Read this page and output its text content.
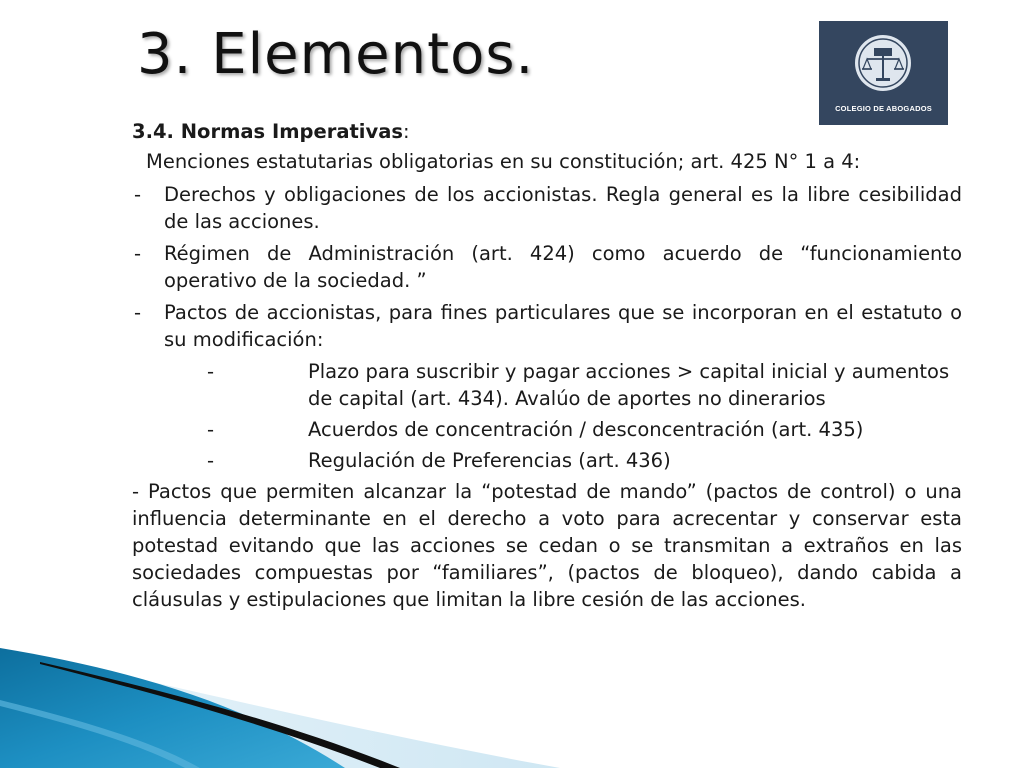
3. Elementos.
COLEGIO DE ABOGADOS

3.4. Normas Imperativas:

Menciones estatutarias obligatorias en su constitución; art. 425 N° 1 a 4:

- Derechos y obligaciones de los accionistas. Regla general es la libre cesibilidad de las acciones.

- Régimen de Administración (art. 424) como acuerdo de “funcionamiento operativo de la sociedad. ”

- Pactos de accionistas, para fines particulares que se incorporan en el estatuto o su modificación:

-	Plazo para suscribir y pagar acciones > capital inicial y aumentos de capital (art. 434). Avalúo de aportes no dinerarios

-	Acuerdos de concentración / desconcentración (art. 435)

-	Regulación de Preferencias (art. 436)

- Pactos que permiten alcanzar la “potestad de mando” (pactos de control) o una influencia determinante en el derecho a voto para acrecentar y conservar esta potestad evitando que las acciones se cedan o se transmitan a extraños en las sociedades compuestas por “familiares”, (pactos de bloqueo), dando cabida a cláusulas y estipulaciones que limitan la libre cesión de las acciones.
